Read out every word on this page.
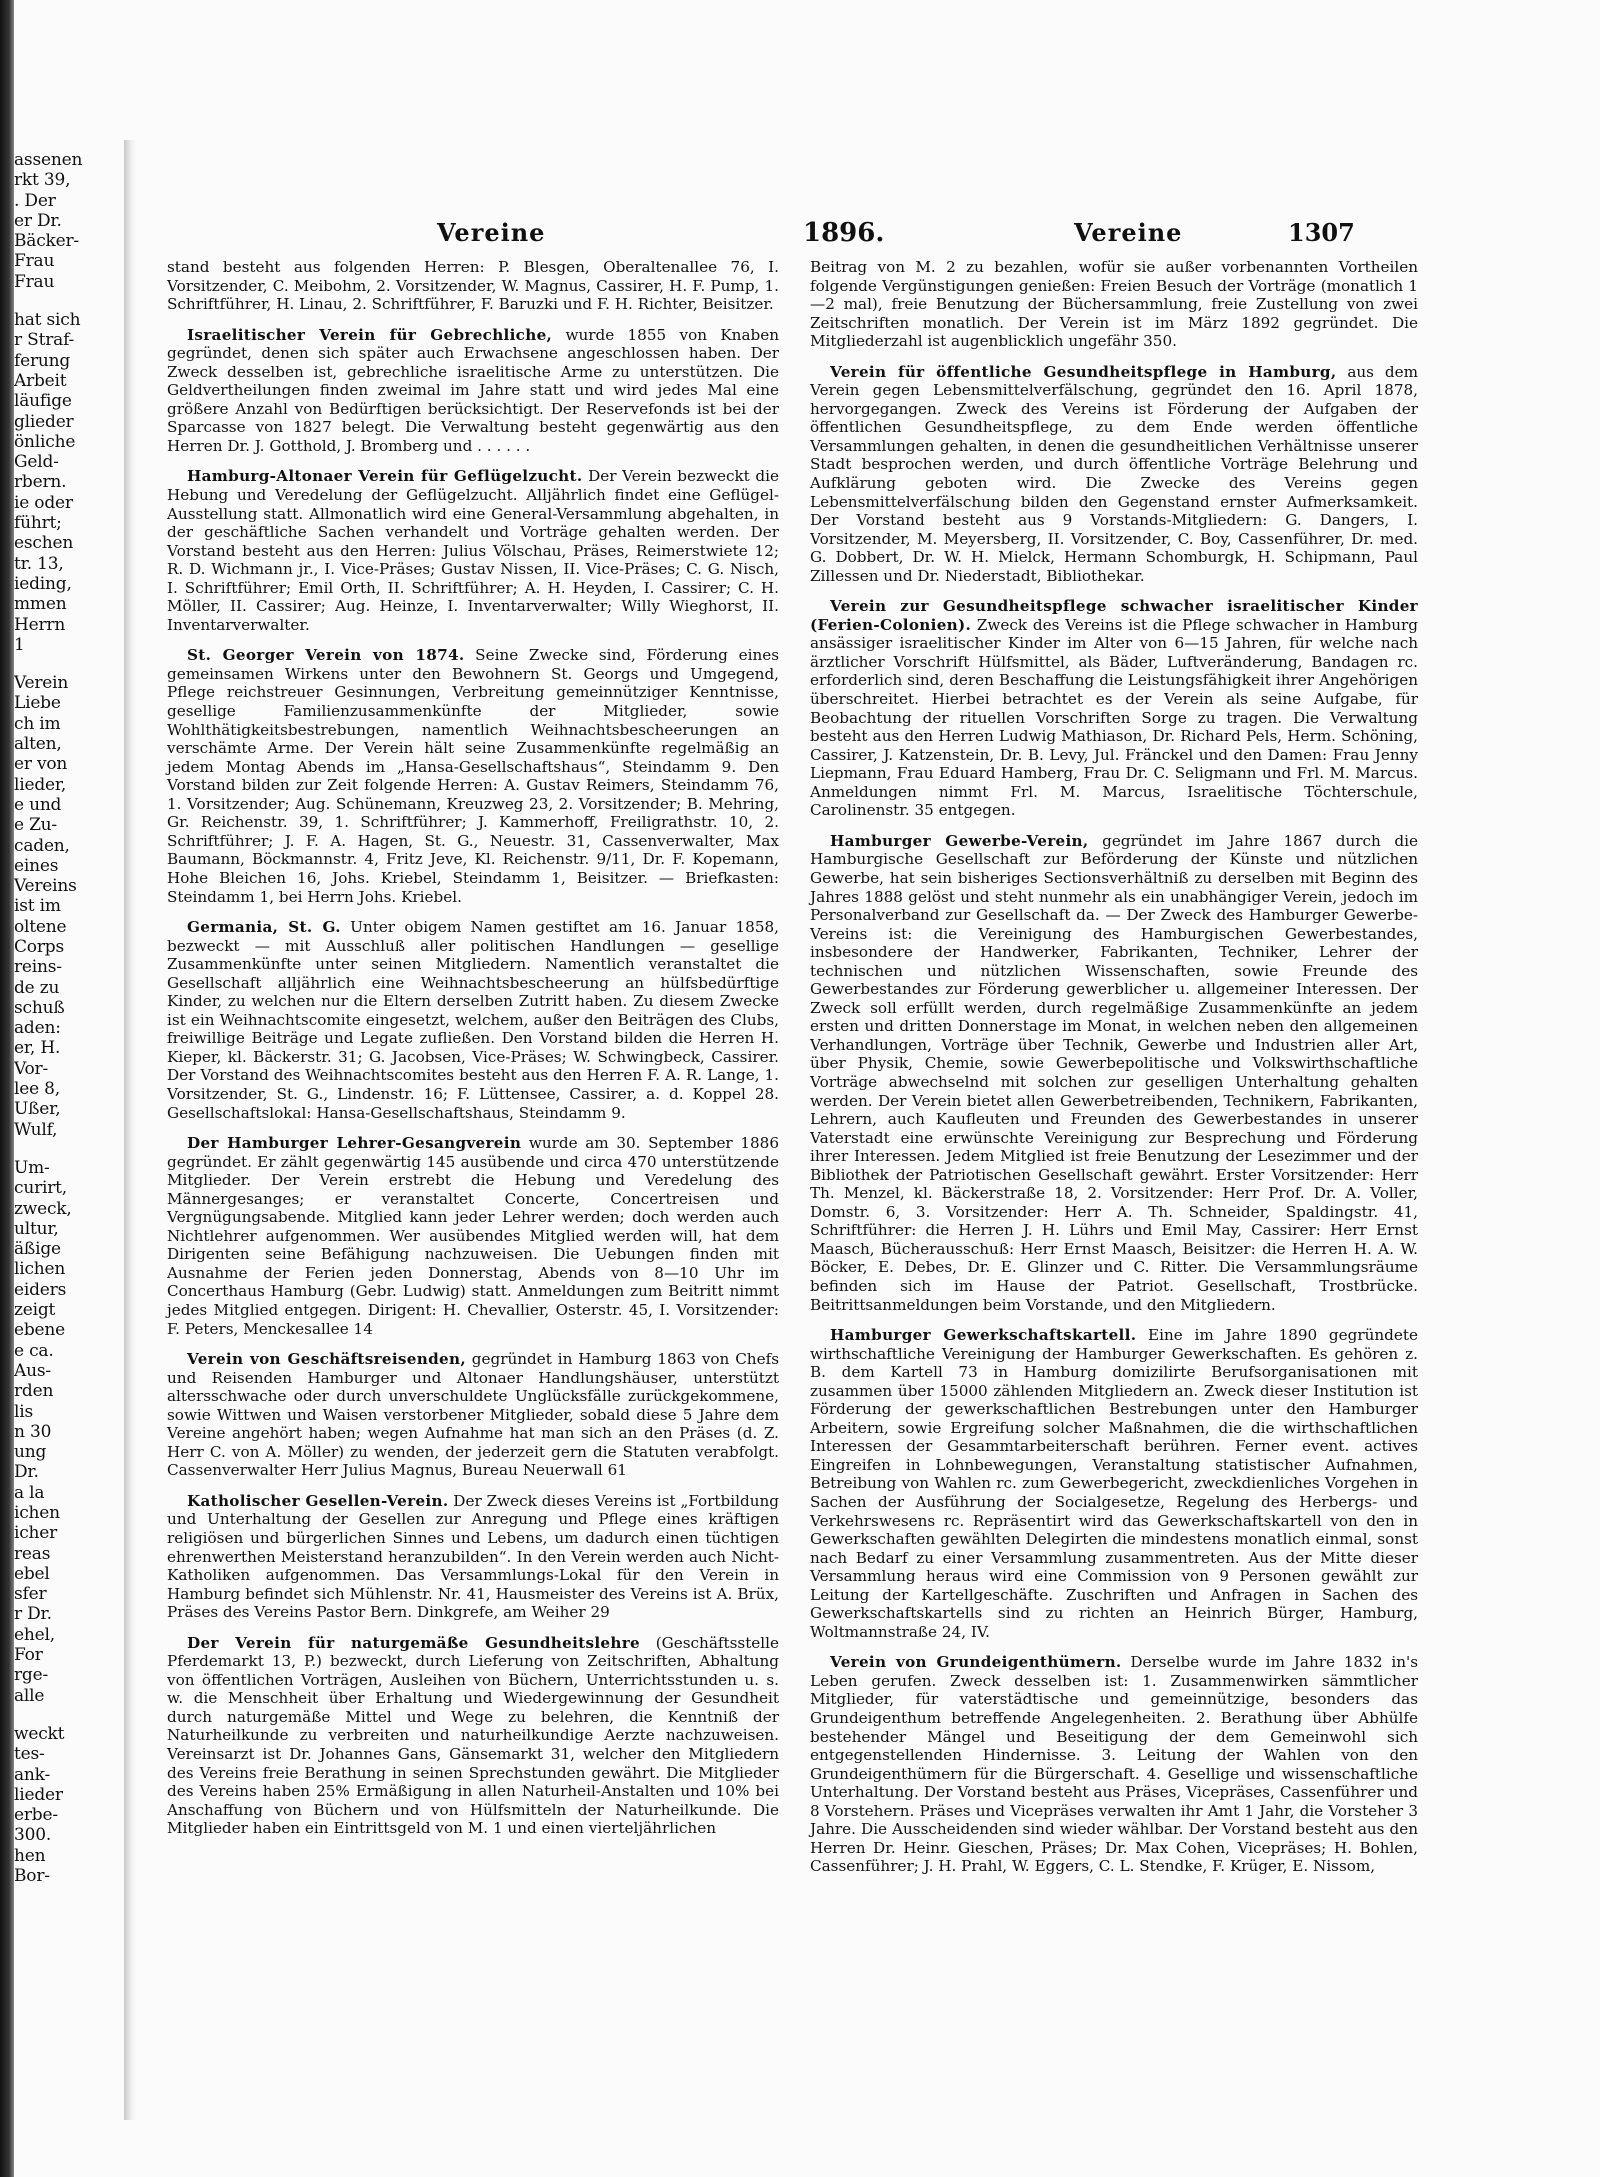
assenen
rkt 39,
. Der
er Dr.
Bäcker-
Frau
Frau
hat sich
r Straf-
ferung
Arbeit
läufige
glieder
önliche
Geld-
rbern.
ie oder
führt;
eschen
tr. 13,
ieding,
mmen
Herrn
1
Verein
Liebe
ch im
alten,
er von
lieder,
e und
e Zu-
caden,
eines
Vereins
ist im
oltene
Corps
reins-
de zu
schuß
aden:
er, H.
Vor-
lee 8,
Ußer,
Wulf,
Um-
curirt,
zweck,
ultur,
äßige
lichen
eiders
zeigt
ebene
e ca.
Aus-
rden
lis
n 30
ung
Dr.
a la
ichen
icher
reas
ebel
sfer
r Dr.
ehel,
For
rge-
alle
weckt
tes-
ank-
lieder
erbe-
300.
hen
Bor-
Vereine	1896.	Vereine	1307

stand besteht aus folgenden Herren: P. Blesgen, Oberaltenallee 76, I. Vorsitzender, C. Meibohm, 2. Vorsitzender, W. Magnus, Cassirer, H. F. Pump, 1. Schriftführer, H. Linau, 2. Schriftführer, F. Baruzki und F. H. Richter, Beisitzer.

Israelitischer Verein für Gebrechliche, wurde 1855 von Knaben gegründet, denen sich später auch Erwachsene angeschlossen haben. Der Zweck desselben ist, gebrechliche israelitische Arme zu unterstützen. Die Geldvertheilungen finden zweimal im Jahre statt und wird jedes Mal eine größere Anzahl von Bedürftigen berücksichtigt. Der Reservefonds ist bei der Sparcasse von 1827 belegt. Die Verwaltung besteht gegenwärtig aus den Herren Dr. J. Gotthold, J. Bromberg und . . . . . .

Hamburg-Altonaer Verein für Geflügelzucht. Der Verein bezweckt die Hebung und Veredelung der Geflügelzucht. Alljährlich findet eine Geflügel-Ausstellung statt. Allmonatlich wird eine General-Versammlung abgehalten, in der geschäftliche Sachen verhandelt und Vorträge gehalten werden. Der Vorstand besteht aus den Herren: Julius Völschau, Präses, Reimerstwiete 12; R. D. Wichmann jr., I. Vice-Präses; Gustav Nissen, II. Vice-Präses; C. G. Nisch, I. Schriftführer; Emil Orth, II. Schriftführer; A. H. Heyden, I. Cassirer; C. H. Möller, II. Cassirer; Aug. Heinze, I. Inventarverwalter; Willy Wieghorst, II. Inventarverwalter.

St. Georger Verein von 1874. Seine Zwecke sind, Förderung eines gemeinsamen Wirkens unter den Bewohnern St. Georgs und Umgegend, Pflege reichstreuer Gesinnungen, Verbreitung gemeinnütziger Kenntnisse, gesellige Familienzusammenkünfte der Mitglieder, sowie Wohlthätigkeitsbestrebungen, namentlich Weihnachtsbescheerungen an verschämte Arme. Der Verein hält seine Zusammenkünfte regelmäßig an jedem Montag Abends im „Hansa-Gesellschaftshaus“, Steindamm 9. Den Vorstand bilden zur Zeit folgende Herren: A. Gustav Reimers, Steindamm 76, 1. Vorsitzender; Aug. Schünemann, Kreuzweg 23, 2. Vorsitzender; B. Mehring, Gr. Reichenstr. 39, 1. Schriftführer; J. Kammerhoff, Freiligrathstr. 10, 2. Schriftführer; J. F. A. Hagen, St. G., Neuestr. 31, Cassenverwalter, Max Baumann, Böckmannstr. 4, Fritz Jeve, Kl. Reichenstr. 9/11, Dr. F. Kopemann, Hohe Bleichen 16, Johs. Kriebel, Steindamm 1, Beisitzer. — Briefkasten: Steindamm 1, bei Herrn Johs. Kriebel.

Germania, St. G. Unter obigem Namen gestiftet am 16. Januar 1858, bezweckt — mit Ausschluß aller politischen Handlungen — gesellige Zusammenkünfte unter seinen Mitgliedern. Namentlich veranstaltet die Gesellschaft alljährlich eine Weihnachtsbescheerung an hülfsbedürftige Kinder, zu welchen nur die Eltern derselben Zutritt haben. Zu diesem Zwecke ist ein Weihnachtscomite eingesetzt, welchem, außer den Beiträgen des Clubs, freiwillige Beiträge und Legate zufließen. Den Vorstand bilden die Herren H. Kieper, kl. Bäckerstr. 31; G. Jacobsen, Vice-Präses; W. Schwingbeck, Cassirer. Der Vorstand des Weihnachtscomites besteht aus den Herren F. A. R. Lange, 1. Vorsitzender, St. G., Lindenstr. 16; F. Lüttensee, Cassirer, a. d. Koppel 28. Gesellschaftslokal: Hansa-Gesellschaftshaus, Steindamm 9.

Der Hamburger Lehrer-Gesangverein wurde am 30. September 1886 gegründet. Er zählt gegenwärtig 145 ausübende und circa 470 unterstützende Mitglieder. Der Verein erstrebt die Hebung und Veredelung des Männergesanges; er veranstaltet Concerte, Concertreisen und Vergnügungsabende. Mitglied kann jeder Lehrer werden; doch werden auch Nichtlehrer aufgenommen. Wer ausübendes Mitglied werden will, hat dem Dirigenten seine Befähigung nachzuweisen. Die Uebungen finden mit Ausnahme der Ferien jeden Donnerstag, Abends von 8—10 Uhr im Concerthaus Hamburg (Gebr. Ludwig) statt. Anmeldungen zum Beitritt nimmt jedes Mitglied entgegen. Dirigent: H. Chevallier, Osterstr. 45, I. Vorsitzender: F. Peters, Menckesallee 14

Verein von Geschäftsreisenden, gegründet in Hamburg 1863 von Chefs und Reisenden Hamburger und Altonaer Handlungshäuser, unterstützt altersschwache oder durch unverschuldete Unglücksfälle zurückgekommene, sowie Wittwen und Waisen verstorbener Mitglieder, sobald diese 5 Jahre dem Vereine angehört haben; wegen Aufnahme hat man sich an den Präses (d. Z. Herr C. von A. Möller) zu wenden, der jederzeit gern die Statuten verabfolgt. Cassenverwalter Herr Julius Magnus, Bureau Neuerwall 61

Katholischer Gesellen-Verein. Der Zweck dieses Vereins ist „Fortbildung und Unterhaltung der Gesellen zur Anregung und Pflege eines kräftigen religiösen und bürgerlichen Sinnes und Lebens, um dadurch einen tüchtigen ehrenwerthen Meisterstand heranzubilden“. In den Verein werden auch Nicht-Katholiken aufgenommen. Das Versammlungs-Lokal für den Verein in Hamburg befindet sich Mühlenstr. Nr. 41, Hausmeister des Vereins ist A. Brüx, Präses des Vereins Pastor Bern. Dinkgrefe, am Weiher 29

Der Verein für naturgemäße Gesundheitslehre (Geschäftsstelle Pferdemarkt 13, P.) bezweckt, durch Lieferung von Zeitschriften, Abhaltung von öffentlichen Vorträgen, Ausleihen von Büchern, Unterrichtsstunden u. s. w. die Menschheit über Erhaltung und Wiedergewinnung der Gesundheit durch naturgemäße Mittel und Wege zu belehren, die Kenntniß der Naturheilkunde zu verbreiten und naturheilkundige Aerzte nachzuweisen. Vereinsarzt ist Dr. Johannes Gans, Gänsemarkt 31, welcher den Mitgliedern des Vereins freie Berathung in seinen Sprechstunden gewährt. Die Mitglieder des Vereins haben 25% Ermäßigung in allen Naturheil-Anstalten und 10% bei Anschaffung von Büchern und von Hülfsmitteln der Naturheilkunde. Die Mitglieder haben ein Eintrittsgeld von M. 1 und einen vierteljährlichen

Beitrag von M. 2 zu bezahlen, wofür sie außer vorbenannten Vortheilen folgende Vergünstigungen genießen: Freien Besuch der Vorträge (monatlich 1—2 mal), freie Benutzung der Büchersammlung, freie Zustellung von zwei Zeitschriften monatlich. Der Verein ist im März 1892 gegründet. Die Mitgliederzahl ist augenblicklich ungefähr 350.

Verein für öffentliche Gesundheitspflege in Hamburg, aus dem Verein gegen Lebensmittelverfälschung, gegründet den 16. April 1878, hervorgegangen. Zweck des Vereins ist Förderung der Aufgaben der öffentlichen Gesundheitspflege, zu dem Ende werden öffentliche Versammlungen gehalten, in denen die gesundheitlichen Verhältnisse unserer Stadt besprochen werden, und durch öffentliche Vorträge Belehrung und Aufklärung geboten wird. Die Zwecke des Vereins gegen Lebensmittelverfälschung bilden den Gegenstand ernster Aufmerksamkeit. Der Vorstand besteht aus 9 Vorstands-Mitgliedern: G. Dangers, I. Vorsitzender, M. Meyersberg, II. Vorsitzender, C. Boy, Cassenführer, Dr. med. G. Dobbert, Dr. W. H. Mielck, Hermann Schomburgk, H. Schipmann, Paul Zillessen und Dr. Niederstadt, Bibliothekar.

Verein zur Gesundheitspflege schwacher israelitischer Kinder (Ferien-Colonien). Zweck des Vereins ist die Pflege schwacher in Hamburg ansässiger israelitischer Kinder im Alter von 6—15 Jahren, für welche nach ärztlicher Vorschrift Hülfsmittel, als Bäder, Luftveränderung, Bandagen rc. erforderlich sind, deren Beschaffung die Leistungsfähigkeit ihrer Angehörigen überschreitet. Hierbei betrachtet es der Verein als seine Aufgabe, für Beobachtung der rituellen Vorschriften Sorge zu tragen. Die Verwaltung besteht aus den Herren Ludwig Mathiason, Dr. Richard Pels, Herm. Schöning, Cassirer, J. Katzenstein, Dr. B. Levy, Jul. Fränckel und den Damen: Frau Jenny Liepmann, Frau Eduard Hamberg, Frau Dr. C. Seligmann und Frl. M. Marcus. Anmeldungen nimmt Frl. M. Marcus, Israelitische Töchterschule, Carolinenstr. 35 entgegen.

Hamburger Gewerbe-Verein, gegründet im Jahre 1867 durch die Hamburgische Gesellschaft zur Beförderung der Künste und nützlichen Gewerbe, hat sein bisheriges Sectionsverhältniß zu derselben mit Beginn des Jahres 1888 gelöst und steht nunmehr als ein unabhängiger Verein, jedoch im Personalverband zur Gesellschaft da. — Der Zweck des Hamburger Gewerbe-Vereins ist: die Vereinigung des Hamburgischen Gewerbestandes, insbesondere der Handwerker, Fabrikanten, Techniker, Lehrer der technischen und nützlichen Wissenschaften, sowie Freunde des Gewerbestandes zur Förderung gewerblicher u. allgemeiner Interessen. Der Zweck soll erfüllt werden, durch regelmäßige Zusammenkünfte an jedem ersten und dritten Donnerstage im Monat, in welchen neben den allgemeinen Verhandlungen, Vorträge über Technik, Gewerbe und Industrien aller Art, über Physik, Chemie, sowie Gewerbepolitische und Volkswirthschaftliche Vorträge abwechselnd mit solchen zur geselligen Unterhaltung gehalten werden. Der Verein bietet allen Gewerbetreibenden, Technikern, Fabrikanten, Lehrern, auch Kaufleuten und Freunden des Gewerbestandes in unserer Vaterstadt eine erwünschte Vereinigung zur Besprechung und Förderung ihrer Interessen. Jedem Mitglied ist freie Benutzung der Lesezimmer und der Bibliothek der Patriotischen Gesellschaft gewährt. Erster Vorsitzender: Herr Th. Menzel, kl. Bäckerstraße 18, 2. Vorsitzender: Herr Prof. Dr. A. Voller, Domstr. 6, 3. Vorsitzender: Herr A. Th. Schneider, Spaldingstr. 41, Schriftführer: die Herren J. H. Lührs und Emil May, Cassirer: Herr Ernst Maasch, Bücherausschuß: Herr Ernst Maasch, Beisitzer: die Herren H. A. W. Böcker, E. Debes, Dr. E. Glinzer und C. Ritter. Die Versammlungsräume befinden sich im Hause der Patriot. Gesellschaft, Trostbrücke. Beitrittsanmeldungen beim Vorstande, und den Mitgliedern.

Hamburger Gewerkschaftskartell. Eine im Jahre 1890 gegründete wirthschaftliche Vereinigung der Hamburger Gewerkschaften. Es gehören z. B. dem Kartell 73 in Hamburg domizilirte Berufsorganisationen mit zusammen über 15000 zählenden Mitgliedern an. Zweck dieser Institution ist Förderung der gewerkschaftlichen Bestrebungen unter den Hamburger Arbeitern, sowie Ergreifung solcher Maßnahmen, die die wirthschaftlichen Interessen der Gesammtarbeiterschaft berühren. Ferner event. actives Eingreifen in Lohnbewegungen, Veranstaltung statistischer Aufnahmen, Betreibung von Wahlen rc. zum Gewerbegericht, zweckdienliches Vorgehen in Sachen der Ausführung der Socialgesetze, Regelung des Herbergs- und Verkehrswesens rc. Repräsentirt wird das Gewerkschaftskartell von den in Gewerkschaften gewählten Delegirten die mindestens monatlich einmal, sonst nach Bedarf zu einer Versammlung zusammentreten. Aus der Mitte dieser Versammlung heraus wird eine Commission von 9 Personen gewählt zur Leitung der Kartellgeschäfte. Zuschriften und Anfragen in Sachen des Gewerkschaftskartells sind zu richten an Heinrich Bürger, Hamburg, Woltmannstraße 24, IV.

Verein von Grundeigenthümern. Derselbe wurde im Jahre 1832 in's Leben gerufen. Zweck desselben ist: 1. Zusammenwirken sämmtlicher Mitglieder, für vaterstädtische und gemeinnützige, besonders das Grundeigenthum betreffende Angelegenheiten. 2. Berathung über Abhülfe bestehender Mängel und Beseitigung der dem Gemeinwohl sich entgegenstellenden Hindernisse. 3. Leitung der Wahlen von den Grundeigenthümern für die Bürgerschaft. 4. Gesellige und wissenschaftliche Unterhaltung. Der Vorstand besteht aus Präses, Vicepräses, Cassenführer und 8 Vorstehern. Präses und Vicepräses verwalten ihr Amt 1 Jahr, die Vorsteher 3 Jahre. Die Ausscheidenden sind wieder wählbar. Der Vorstand besteht aus den Herren Dr. Heinr. Gieschen, Präses; Dr. Max Cohen, Vicepräses; H. Bohlen, Cassenführer; J. H. Prahl, W. Eggers, C. L. Stendke, F. Krüger, E. Nissom,
